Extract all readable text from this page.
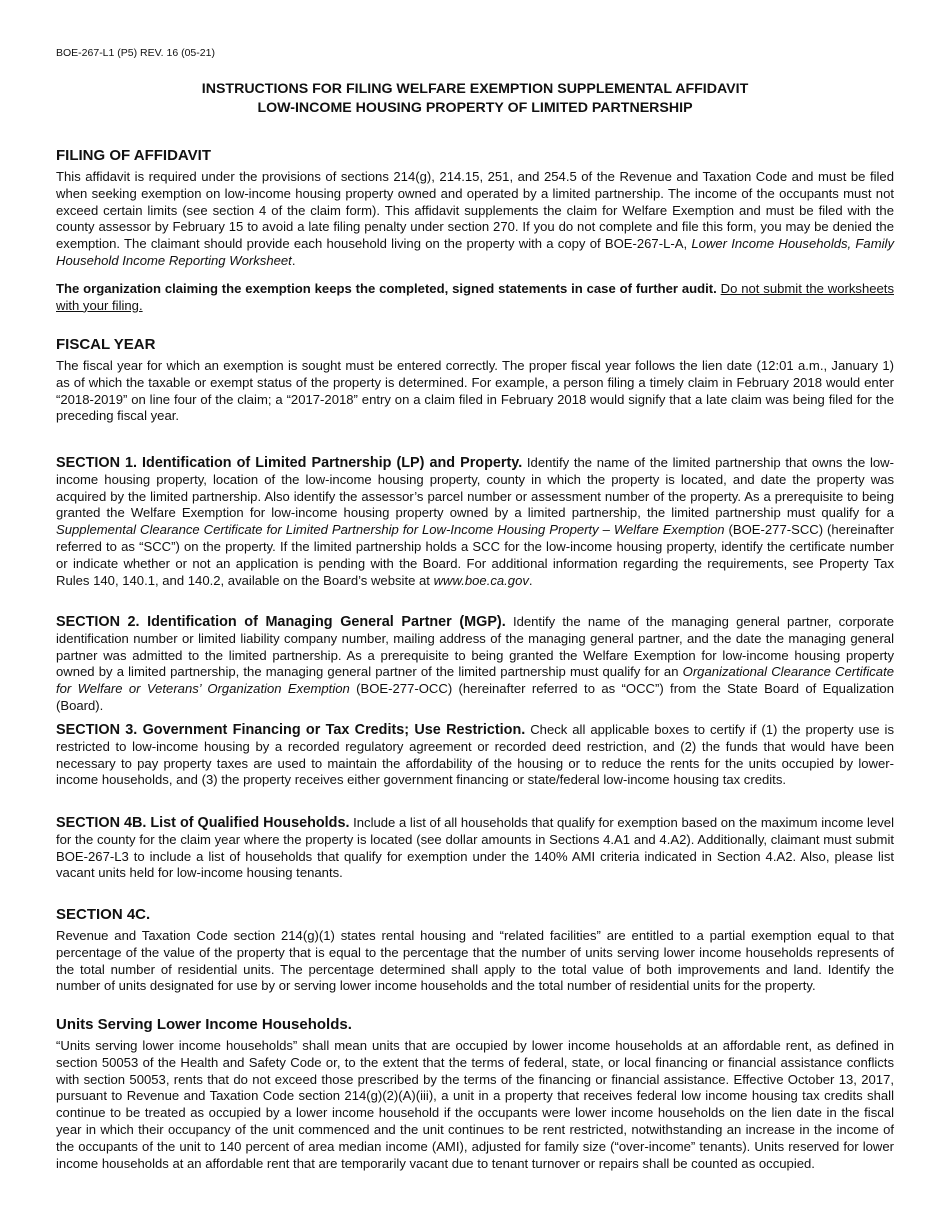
BOE-267-L1 (P5) REV. 16 (05-21)
INSTRUCTIONS FOR FILING WELFARE EXEMPTION SUPPLEMENTAL AFFIDAVIT
LOW-INCOME HOUSING PROPERTY OF LIMITED PARTNERSHIP
FILING OF AFFIDAVIT

This affidavit is required under the provisions of sections 214(g), 214.15, 251, and 254.5 of the Revenue and Taxation Code and must be filed when seeking exemption on low-income housing property owned and operated by a limited partnership. The income of the occupants must not exceed certain limits (see section 4 of the claim form). This affidavit supplements the claim for Welfare Exemption and must be filed with the county assessor by February 15 to avoid a late filing penalty under section 270. If you do not complete and file this form, you may be denied the exemption. The claimant should provide each household living on the property with a copy of BOE-267-L-A, Lower Income Households, Family Household Income Reporting Worksheet.

The organization claiming the exemption keeps the completed, signed statements in case of further audit. Do not submit the worksheets with your filing.

FISCAL YEAR

The fiscal year for which an exemption is sought must be entered correctly. The proper fiscal year follows the lien date (12:01 a.m., January 1) as of which the taxable or exempt status of the property is determined. For example, a person filing a timely claim in February 2018 would enter “2018-2019” on line four of the claim; a “2017-2018” entry on a claim filed in February 2018 would signify that a late claim was being filed for the preceding fiscal year.

SECTION 1. Identification of Limited Partnership (LP) and Property. Identify the name of the limited partnership that owns the low-income housing property, location of the low-income housing property, county in which the property is located, and date the property was acquired by the limited partnership. Also identify the assessor’s parcel number or assessment number of the property. As a prerequisite to being granted the Welfare Exemption for low-income housing property owned by a limited partnership, the limited partnership must qualify for a Supplemental Clearance Certificate for Limited Partnership for Low-Income Housing Property – Welfare Exemption (BOE-277-SCC) (hereinafter referred to as “SCC”) on the property. If the limited partnership holds a SCC for the low-income housing property, identify the certificate number or indicate whether or not an application is pending with the Board. For additional information regarding the requirements, see Property Tax Rules 140, 140.1, and 140.2, available on the Board’s website at www.boe.ca.gov.

SECTION 2. Identification of Managing General Partner (MGP). Identify the name of the managing general partner, corporate identification number or limited liability company number, mailing address of the managing general partner, and the date the managing general partner was admitted to the limited partnership. As a prerequisite to being granted the Welfare Exemption for low-income housing property owned by a limited partnership, the managing general partner of the limited partnership must qualify for an Organizational Clearance Certificate for Welfare or Veterans’ Organization Exemption (BOE-277-OCC) (hereinafter referred to as “OCC”) from the State Board of Equalization (Board).

SECTION 3. Government Financing or Tax Credits; Use Restriction. Check all applicable boxes to certify if (1) the property use is restricted to low-income housing by a recorded regulatory agreement or recorded deed restriction, and (2) the funds that would have been necessary to pay property taxes are used to maintain the affordability of the housing or to reduce the rents for the units occupied by lower-income households, and (3) the property receives either government financing or state/federal low-income housing tax credits.

SECTION 4B. List of Qualified Households. Include a list of all households that qualify for exemption based on the maximum income level for the county for the claim year where the property is located (see dollar amounts in Sections 4.A1 and 4.A2). Additionally, claimant must submit BOE-267-L3 to include a list of households that qualify for exemption under the 140% AMI criteria indicated in Section 4.A2. Also, please list vacant units held for low-income housing tenants.

SECTION 4C.

Revenue and Taxation Code section 214(g)(1) states rental housing and “related facilities” are entitled to a partial exemption equal to that percentage of the value of the property that is equal to the percentage that the number of units serving lower income households represents of the total number of residential units. The percentage determined shall apply to the total value of both improvements and land. Identify the number of units designated for use by or serving lower income households and the total number of residential units for the property.

Units Serving Lower Income Households.

“Units serving lower income households” shall mean units that are occupied by lower income households at an affordable rent, as defined in section 50053 of the Health and Safety Code or, to the extent that the terms of federal, state, or local financing or financial assistance conflicts with section 50053, rents that do not exceed those prescribed by the terms of the financing or financial assistance. Effective October 13, 2017, pursuant to Revenue and Taxation Code section 214(g)(2)(A)(iii), a unit in a property that receives federal low income housing tax credits shall continue to be treated as occupied by a lower income household if the occupants were lower income households on the lien date in the fiscal year in which their occupancy of the unit commenced and the unit continues to be rent restricted, notwithstanding an increase in the income of the occupants of the unit to 140 percent of area median income (AMI), adjusted for family size (“over-income” tenants). Units reserved for lower income households at an affordable rent that are temporarily vacant due to tenant turnover or repairs shall be counted as occupied.
